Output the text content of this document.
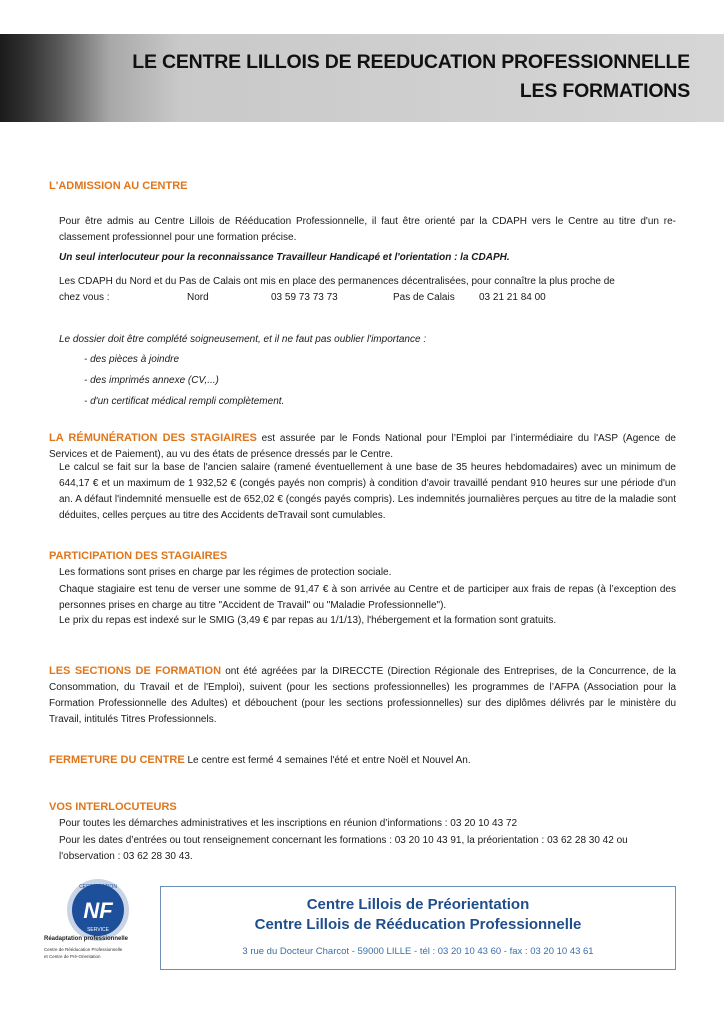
LE CENTRE LILLOIS DE REEDUCATION PROFESSIONNELLE
LES FORMATIONS
L'ADMISSION AU CENTRE

Pour être admis au Centre Lillois de Rééducation Professionnelle, il faut être orienté par la CDAPH vers le Centre au titre d'un re-classement professionnel pour une formation précise.

Un seul interlocuteur pour la reconnaissance Travailleur Handicapé et l'orientation : la CDAPH.

Les CDAPH du Nord et du Pas de Calais ont mis en place des permanences décentralisées, pour connaître la plus proche de

chez vous :	Nord	03 59 73 73 73	Pas de Calais 03 21 21 84 00

Le dossier doit être complété soigneusement, et il ne faut pas oublier l'importance :

- des pièces à joindre

- des imprimés annexe (CV,...)

- d'un certificat médical rempli complètement.

LA RÉMUNÉRATION DES STAGIAIRES est assurée par le Fonds National pour l’Emploi par l’intermédiaire du l'ASP (Agence de Services et de Paiement), au vu des états de présence dressés par le Centre.

Le calcul se fait sur la base de l'ancien salaire (ramené éventuellement à une base de 35 heures hebdomadaires) avec un minimum de 644,17 € et un maximum de 1 932,52 € (congés payés non compris) à condition d'avoir travaillé pendant 910 heures sur une période d'un an. A défaut l'indemnité mensuelle est de 652,02 € (congés payés compris). Les indemnités journalières perçues au titre de la maladie sont déduites, celles perçues au titre des Accidents deTravail sont cumulables.

PARTICIPATION DES STAGIAIRES

Les formations sont prises en charge par les régimes de protection sociale.

Chaque stagiaire est tenu de verser une somme de 91,47 € à son arrivée au Centre et de participer aux frais de repas (à l’exception des personnes prises en charge au titre "Accident de Travail" ou "Maladie Professionnelle").

Le prix du repas est indexé sur le SMIG (3,49 € par repas au 1/1/13), l'hébergement et la formation sont gratuits.

LES SECTIONS DE FORMATION ont été agréées par la DIRECCTE (Direction Régionale des Entreprises, de la Concurrence, de la Consommation, du Travail et de l'Emploi), suivent (pour les sections professionnelles) les programmes de l’AFPA (Association pour la Formation Professionnelle des Adultes) et débouchent (pour les sections professionnelles) sur des diplômes délivrés par le ministère du Travail, intitulés Titres Professionnels.
FERMETURE DU CENTRE Le centre est fermé 4 semaines l'été et entre Noël et Nouvel An.
VOS INTERLOCUTEURS

Pour toutes les démarches administratives et les inscriptions en réunion d’informations : 03 20 10 43 72

Pour les dates d’entrées ou tout renseignement concernant les formations : 03 20 10 43 91, la préorientation : 03 62 28 30 42 ou l'observation : 03 62 28 30 43.

CERTIFICATION
NF
SERVICE
Réadaptation professionnelle
Centre de Rééducation Professionnelle
et Centre de Pré-Orientation
Centre Lillois de Préorientation
Centre Lillois de Rééducation Professionnelle
3 rue du Docteur Charcot - 59000 LILLE - tél : 03 20 10 43 60 - fax : 03 20 10 43 61
